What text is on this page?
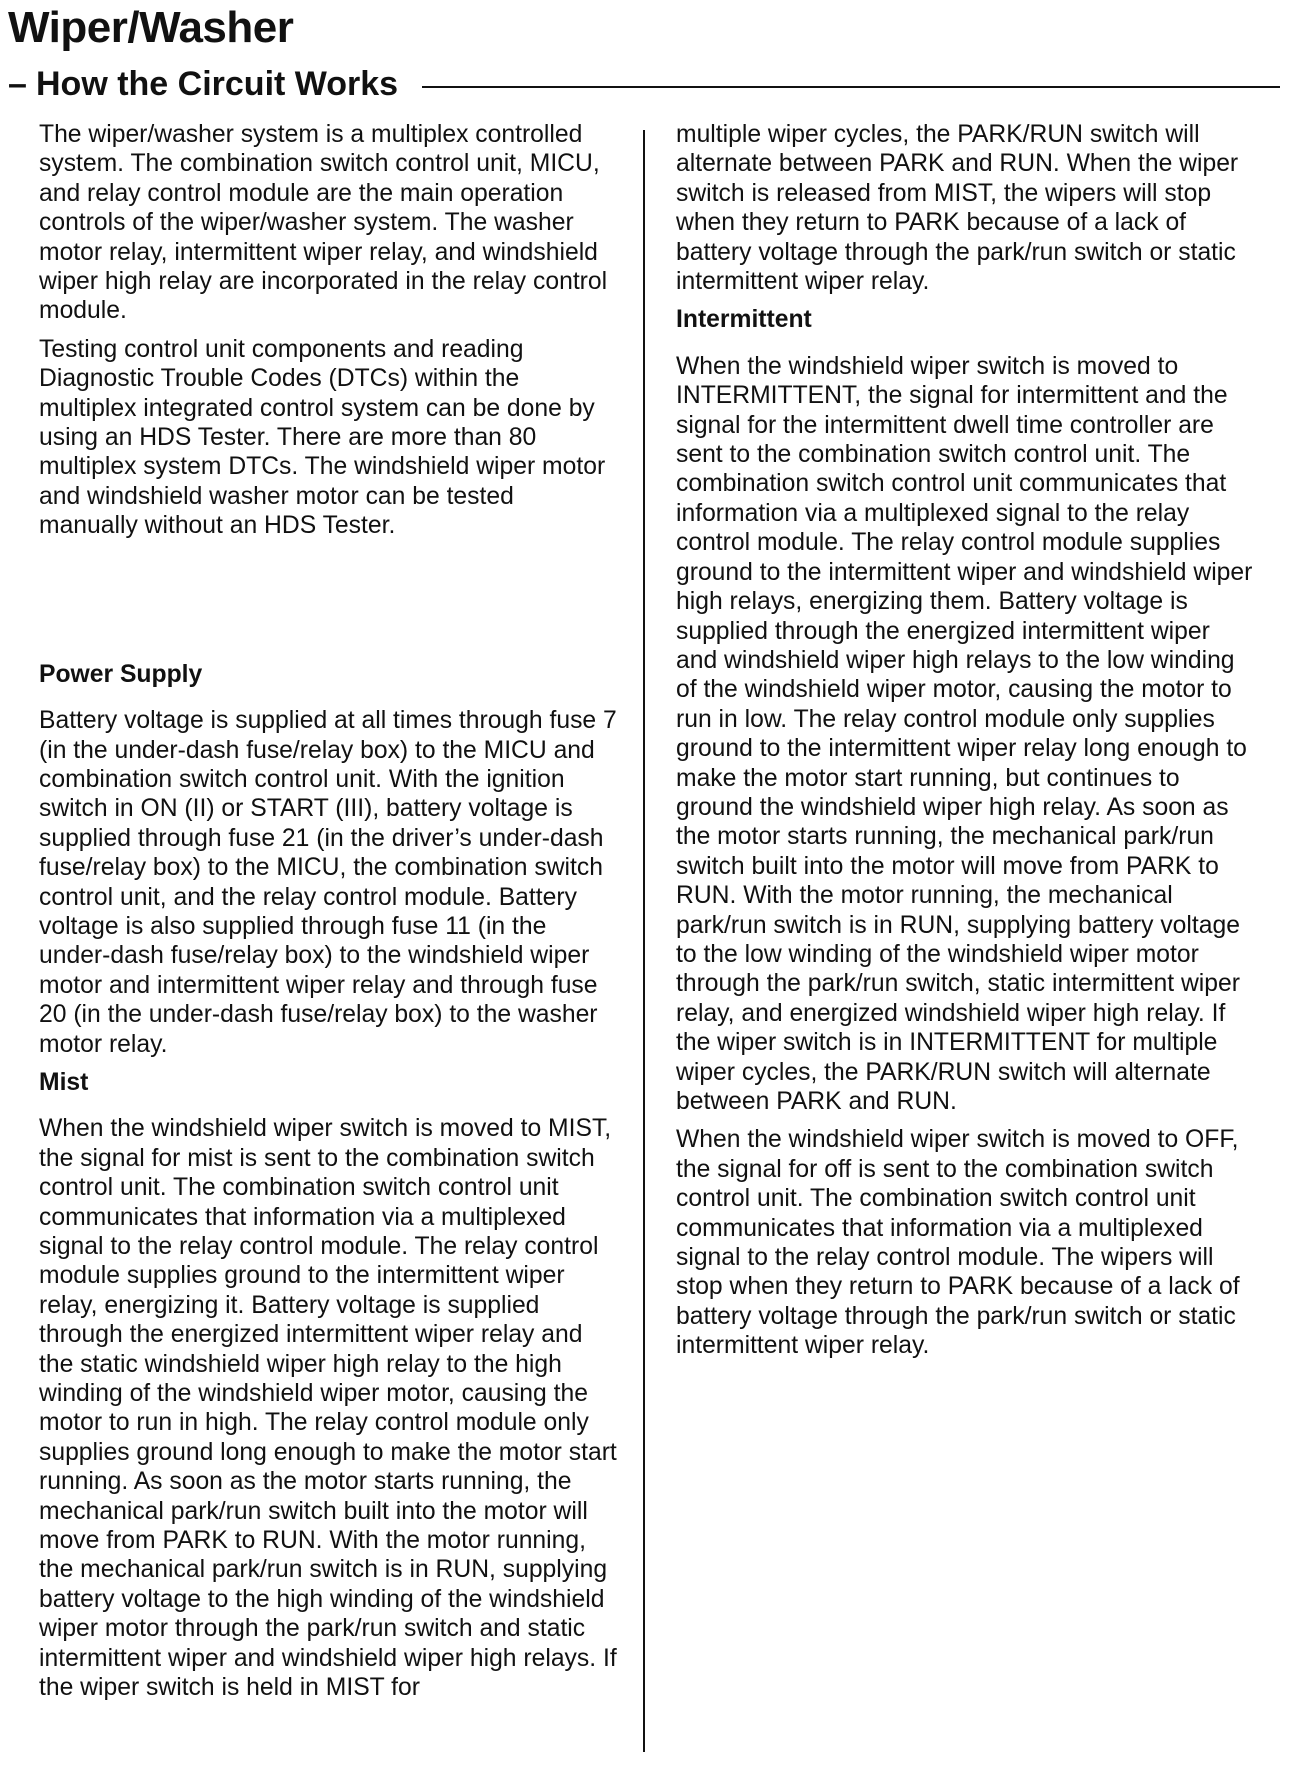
Wiper/Washer
– How the Circuit Works

The wiper/washer system is a multiplex controlled system. The combination switch control unit, MICU, and relay control module are the main operation controls of the wiper/washer system. The washer motor relay, intermittent wiper relay, and windshield wiper high relay are incorporated in the relay control module.

Testing control unit components and reading Diagnostic Trouble Codes (DTCs) within the multiplex integrated control system can be done by using an HDS Tester. There are more than 80 multiplex system DTCs. The windshield wiper motor and windshield washer motor can be tested manually without an HDS Tester.

Power Supply

Battery voltage is supplied at all times through fuse 7 (in the under-dash fuse/relay box) to the MICU and combination switch control unit. With the ignition switch in ON (II) or START (III), battery voltage is supplied through fuse 21 (in the driver’s under-dash fuse/relay box) to the MICU, the combination switch control unit, and the relay control module. Battery voltage is also supplied through fuse 11 (in the under-dash fuse/relay box) to the windshield wiper motor and intermittent wiper relay and through fuse 20 (in the under-dash fuse/relay box) to the washer motor relay.

Mist

When the windshield wiper switch is moved to MIST, the signal for mist is sent to the combination switch control unit. The combination switch control unit communicates that information via a multiplexed signal to the relay control module. The relay control module supplies ground to the intermittent wiper relay, energizing it. Battery voltage is supplied through the energized intermittent wiper relay and the static windshield wiper high relay to the high winding of the windshield wiper motor, causing the motor to run in high. The relay control module only supplies ground long enough to make the motor start running. As soon as the motor starts running, the mechanical park/run switch built into the motor will move from PARK to RUN. With the motor running, the mechanical park/run switch is in RUN, supplying battery voltage to the high winding of the windshield wiper motor through the park/run switch and static intermittent wiper and windshield wiper high relays. If the wiper switch is held in MIST for

multiple wiper cycles, the PARK/RUN switch will alternate between PARK and RUN. When the wiper switch is released from MIST, the wipers will stop when they return to PARK because of a lack of battery voltage through the park/run switch or static intermittent wiper relay.

Intermittent

When the windshield wiper switch is moved to INTERMITTENT, the signal for intermittent and the signal for the intermittent dwell time controller are sent to the combination switch control unit. The combination switch control unit communicates that information via a multiplexed signal to the relay control module. The relay control module supplies ground to the intermittent wiper and windshield wiper high relays, energizing them. Battery voltage is supplied through the energized intermittent wiper and windshield wiper high relays to the low winding of the windshield wiper motor, causing the motor to run in low. The relay control module only supplies ground to the intermittent wiper relay long enough to make the motor start running, but continues to ground the windshield wiper high relay. As soon as the motor starts running, the mechanical park/run switch built into the motor will move from PARK to RUN. With the motor running, the mechanical park/run switch is in RUN, supplying battery voltage to the low winding of the windshield wiper motor through the park/run switch, static intermittent wiper relay, and energized windshield wiper high relay. If the wiper switch is in INTERMITTENT for multiple wiper cycles, the PARK/RUN switch will alternate between PARK and RUN.

When the windshield wiper switch is moved to OFF, the signal for off is sent to the combination switch control unit. The combination switch control unit communicates that information via a multiplexed signal to the relay control module. The wipers will stop when they return to PARK because of a lack of battery voltage through the park/run switch or static intermittent wiper relay.
